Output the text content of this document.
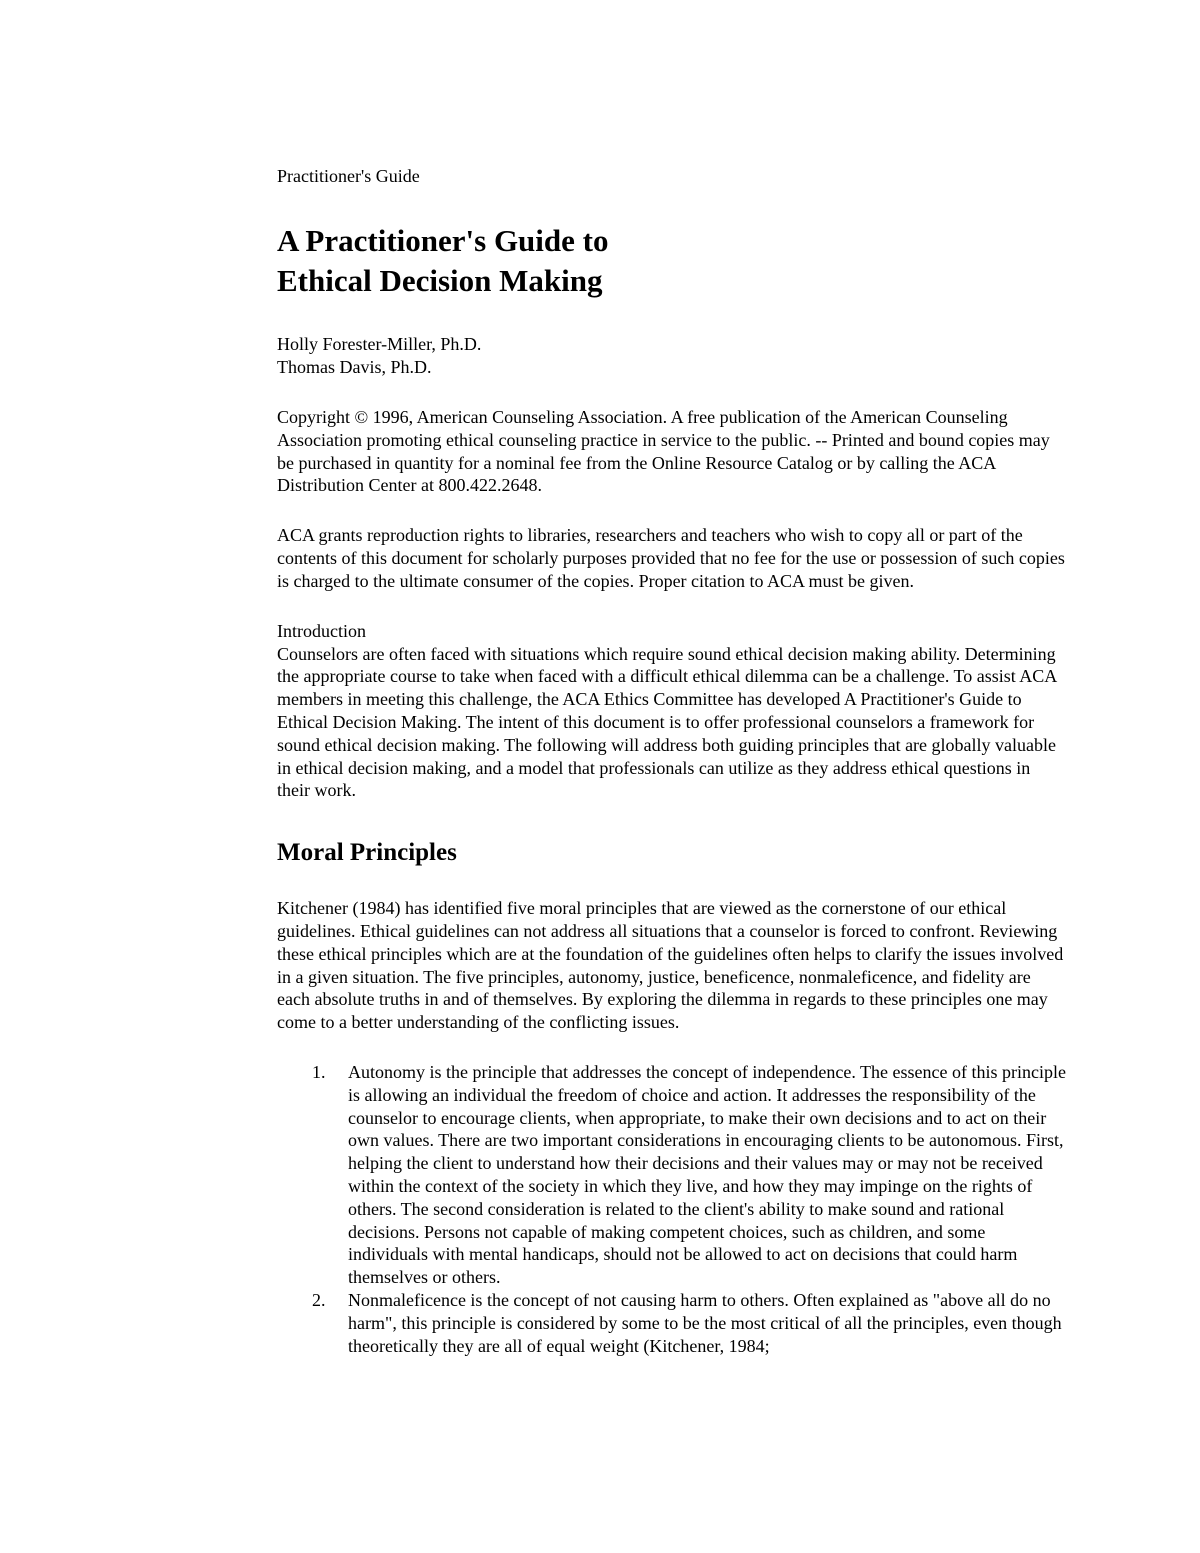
Practitioner's Guide

A Practitioner's Guide to
Ethical Decision Making

Holly Forester-Miller, Ph.D.
Thomas Davis, Ph.D.

Copyright © 1996, American Counseling Association. A free publication of the American Counseling Association promoting ethical counseling practice in service to the public. -- Printed and bound copies may be purchased in quantity for a nominal fee from the Online Resource Catalog or by calling the ACA Distribution Center at 800.422.2648.

ACA grants reproduction rights to libraries, researchers and teachers who wish to copy all or part of the contents of this document for scholarly purposes provided that no fee for the use or possession of such copies is charged to the ultimate consumer of the copies. Proper citation to ACA must be given.

Introduction

Counselors are often faced with situations which require sound ethical decision making ability. Determining the appropriate course to take when faced with a difficult ethical dilemma can be a challenge. To assist ACA members in meeting this challenge, the ACA Ethics Committee has developed A Practitioner's Guide to Ethical Decision Making. The intent of this document is to offer professional counselors a framework for sound ethical decision making. The following will address both guiding principles that are globally valuable in ethical decision making, and a model that professionals can utilize as they address ethical questions in their work.

Moral Principles

Kitchener (1984) has identified five moral principles that are viewed as the cornerstone of our ethical guidelines. Ethical guidelines can not address all situations that a counselor is forced to confront. Reviewing these ethical principles which are at the foundation of the guidelines often helps to clarify the issues involved in a given situation. The five principles, autonomy, justice, beneficence, nonmaleficence, and fidelity are each absolute truths in and of themselves. By exploring the dilemma in regards to these principles one may come to a better understanding of the conflicting issues.

1. Autonomy is the principle that addresses the concept of independence. The essence of this principle is allowing an individual the freedom of choice and action. It addresses the responsibility of the counselor to encourage clients, when appropriate, to make their own decisions and to act on their own values. There are two important considerations in encouraging clients to be autonomous. First, helping the client to understand how their decisions and their values may or may not be received within the context of the society in which they live, and how they may impinge on the rights of others. The second consideration is related to the client's ability to make sound and rational decisions. Persons not capable of making competent choices, such as children, and some individuals with mental handicaps, should not be allowed to act on decisions that could harm themselves or others.
2. Nonmaleficence is the concept of not causing harm to others. Often explained as "above all do no harm", this principle is considered by some to be the most critical of all the principles, even though theoretically they are all of equal weight (Kitchener, 1984;
